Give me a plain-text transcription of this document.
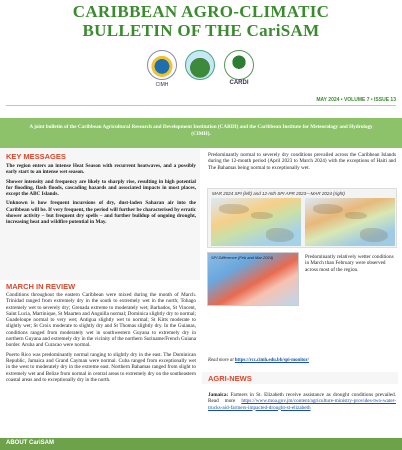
CARIBBEAN AGRO-CLIMATIC
BULLETIN OF THE CariSAM
CIMH	CARDI
MAY 2024 • VOLUME 7 • ISSUE 13
A joint bulletin of the Caribbean Agricultural Research and Development Institution (CARDI) and the Caribbean Institute for Meteorology and Hydrology (CIMH).
KEY MESSAGES

The region enters an intense Heat Season with recurrent heatwaves, and a possibly early start to an intense wet season.

Shower intensity and frequency are likely to sharply rise, resulting in high potential for flooding, flash floods, cascading hazards and associated impacts in most places, except the ABC Islands.

Unknown is how frequent incursions of dry, dust-laden Saharan air into the Caribbean will be. If very frequent, the period will further be characterised by erratic shower activity – but frequent dry spells – and further buildup of ongoing drought, increasing heat and wildfire potential in May.

MARCH IN REVIEW

Conditions throughout the eastern Caribbean were mixed during the month of March. Trinidad ranged from extremely dry in the south to extremely wet in the north; Tobago extremely wet to severely dry; Grenada extreme to moderately wet; Barbados, St Vincent, Saint Lucia, Martinique, St Maarten and Anguilla normal; Dominica slightly dry to normal; Guadeloupe normal to very wet; Antigua slightly wet to normal; St Kitts moderate to slightly wet; St Croix moderate to slightly dry and St Thomas slightly dry. In the Guianas, conditions ranged from moderately wet in southwestern Guyana to extremely dry in northern Guyana and extremely dry in the vicinity of the northern Suriname/French Guiana border. Aruba and Curacao were normal.

Puerto Rico was predominantly normal ranging to slightly dry in the east. The Dominican Republic, Jamaica and Grand Cayman were normal. Cuba ranged from exceptionally wet in the west to moderately dry in the extreme east. Northern Bahamas ranged from slight to extremely wet and Belize from normal in central areas to extremely dry on the southeastern coastal areas and to exceptionally dry in the north.

Predominantly normal to severely dry conditions prevailed across the Caribbean Islands during the 12-month period (April 2023 to March 2024) with the exceptions of Haiti and The Bahamas being normal to exceptionally wet.
MAR 2024 SPI (left) and 12-mth SPI APR 2023—MAR 2024 (right)
SPI Difference (Feb and Mar 2024)	Predominantly relatively wetter conditions in March than February were observed across most of the region.
Read more at https://rcc.cimh.edu.bb/spi-monitor/
AGRI-NEWS
Jamaica: Farmers in St. Elizabeth receive assistance as drought conditions prevailed. Read more https://www.moa.gov.jm/content/agriculture-ministry-provides-two-water-trucks-aid-farmers-impacted-drought-st-elizabeth
ABOUT CariSAM
